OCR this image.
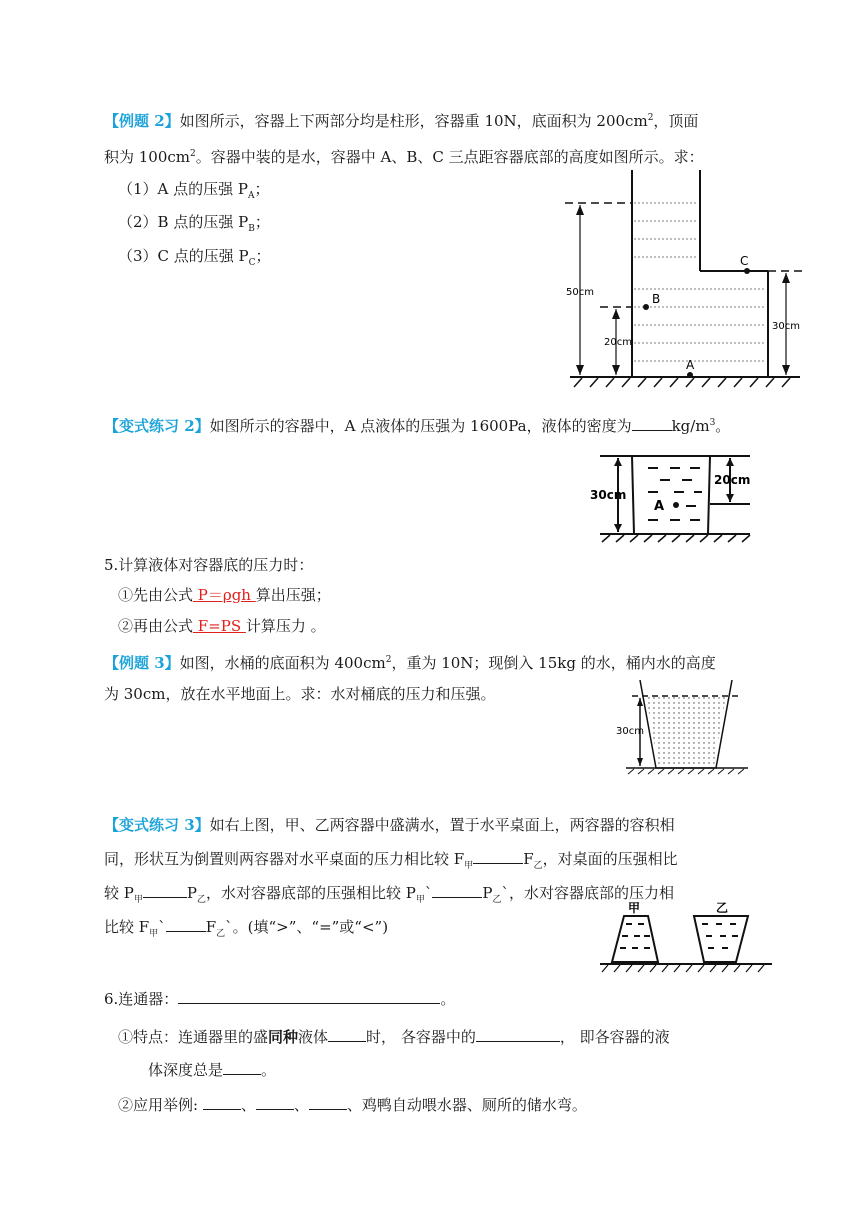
【例题 2】如图所示，容器上下两部分均是柱形，容器重 10N，底面积为 $200cm^2$，顶面
积为 $100cm^2$。容器中装的是水，容器中 A、B、C 三点距容器底部的高度如图所示。求：
（1）A 点的压强 $P_A$；
（2）B 点的压强 $P_B$；
（3）C 点的压强 $P_C$；
50cm
20cm
30cm
A
B
C
【变式练习 2】如图所示的容器中，A 点液体的压强为 1600Pa，液体的密度为	$kg/m^3$。
30cm
20cm
A
5.计算液体对容器底的压力时：
①先由公式 P＝ρgh 算出压强；
②再由公式 F=PS 计算压力 。
【例题 3】如图，水桶的底面积为 $400cm^2$，重为 10N；现倒入 15kg 的水，桶内水的高度
为 30cm，放在水平地面上。求：水对桶底的压力和压强。
30cm
【变式练习 3】如右上图，甲、乙两容器中盛满水，置于水平桌面上，两容器的容积相
同，形状互为倒置则两容器对水平桌面的压力相比较 $F_甲$	$F_乙$，对桌面的压强相比
较 $P_甲$	$P_乙$，水对容器底部的压强相比较 $P_甲`$	$P_乙`$，水对容器底部的压力相
比较 $F_甲`$	$F_乙`$。(填“>”、“=”或“<”)
甲	乙
6.连通器：	。
①特点：连通器里的盛同种液体	时， 各容器中的	， 即各容器的液
体深度总是	。
②应用举例:	、	、	、鸡鸭自动喂水器、厕所的储水弯。
